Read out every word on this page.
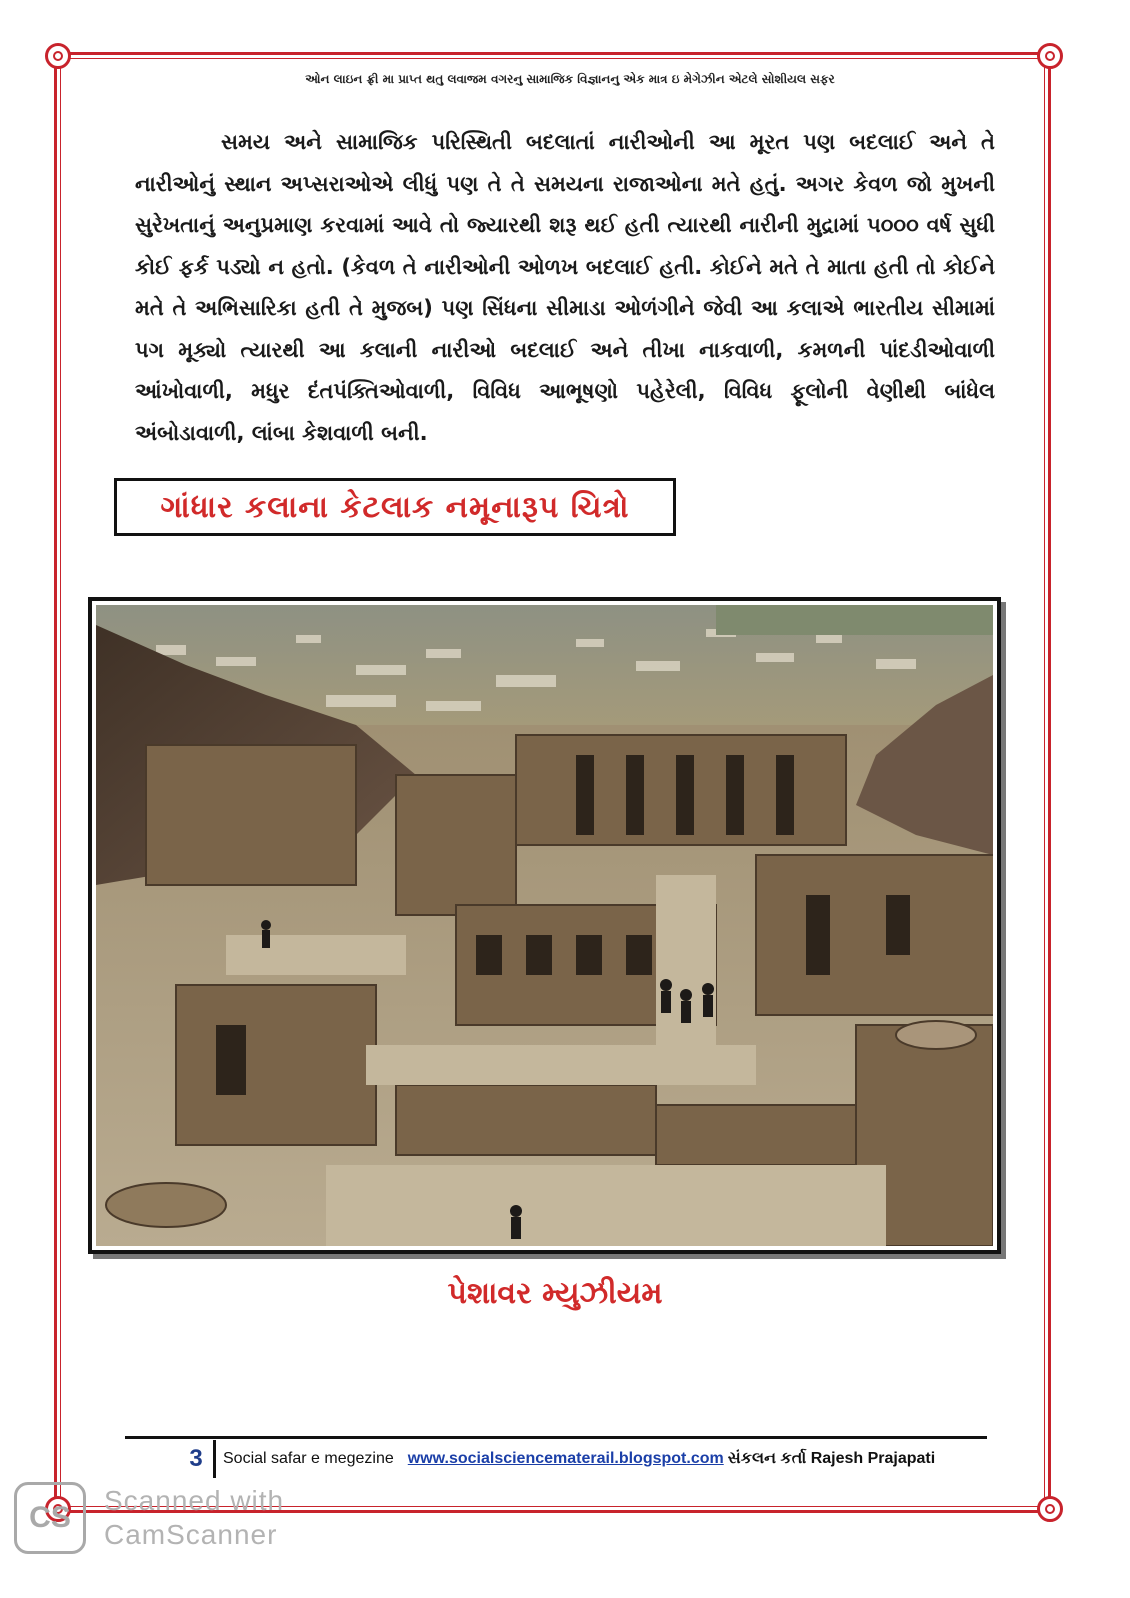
ઓન લાઇન ફ્રી મા પ્રાપ્ત થતુ લવાજમ વગરનુ સામાજિક વિજ્ઞાનનુ એક માત્ર ઇ મેગેઝીન એટલે સોશીયલ સફર
સમય અને સામાજિક પરિસ્થિતી બદલાતાં નારીઓની આ મૂરત પણ બદલાઈ અને તે નારીઓનું સ્થાન અપ્સરાઓએ લીધું પણ તે તે સમયના રાજાઓના મતે હતું. અગર કેવળ જો મુખની સુરેખતાનું અનુપ્રમાણ કરવામાં આવે તો જ્યારથી શરૂ થઈ હતી ત્યારથી નારીની મુદ્રામાં ૫૦૦૦ વર્ષ સુધી કોઈ ફર્ક પડ્યો ન હતો. (કેવળ તે નારીઓની ઓળખ બદલાઈ હતી. કોઈને મતે તે માતા હતી તો કોઈને મતે તે અભિસારિકા હતી તે મુજબ) પણ સિંધના સીમાડા ઓળંગીને જેવી આ કલાએ ભારતીય સીમામાં પગ મૂક્યો ત્યારથી આ કલાની નારીઓ બદલાઈ અને તીખા નાકવાળી, કમળની પાંદડીઓવાળી આંખોવાળી, મધુર દંતપંક્તિઓવાળી, વિવિધ આભૂષણો પહેરેલી, વિવિધ ફૂલોની વેણીથી બાંધેલ અંબોડાવાળી, લાંબા કેશવાળી બની.
ગાંધાર કલાના કેટલાક નમૂનારૂપ ચિત્રો
પેશાવર મ્યુઝીયમ
3	Social safar e megezine www.socialsciencematerail.blogspot.com સંકલન કર્તા Rajesh Prajapati
CS
Scanned with
CamScanner
